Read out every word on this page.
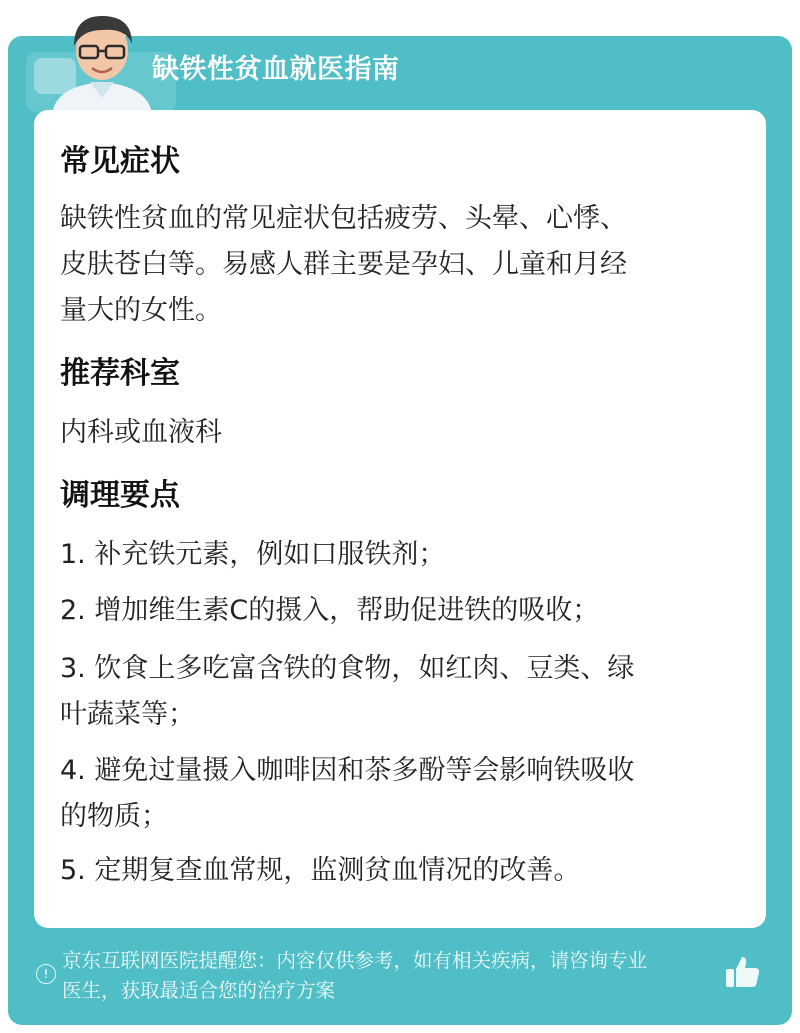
缺铁性贫血就医指南
常见症状
缺铁性贫血的常见症状包括疲劳、头晕、心悸、
皮肤苍白等。易感人群主要是孕妇、儿童和月经
量大的女性。
推荐科室
内科或血液科
调理要点
1. 补充铁元素，例如口服铁剂；
2. 增加维生素C的摄入，帮助促进铁的吸收；
3. 饮食上多吃富含铁的食物，如红肉、豆类、绿
叶蔬菜等；
4. 避免过量摄入咖啡因和茶多酚等会影响铁吸收
的物质；
5. 定期复查血常规，监测贫血情况的改善。
!
京东互联网医院提醒您：内容仅供参考，如有相关疾病，请咨询专业
医生，获取最适合您的治疗方案
